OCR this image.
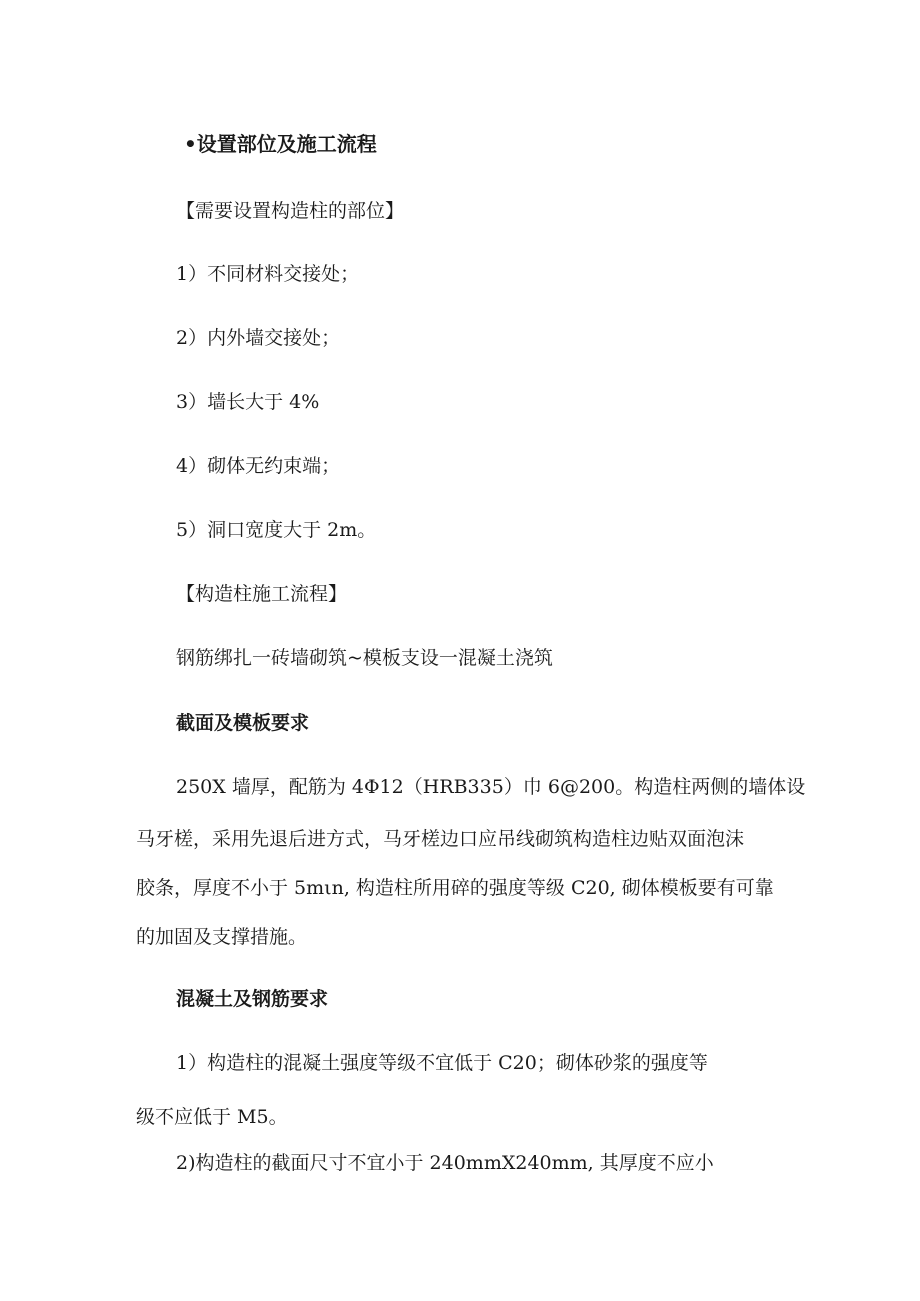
•设置部位及施工流程
【需要设置构造柱的部位】
1）不同材料交接处；
2）内外墙交接处；
3）墙长大于 4%
4）砌体无约束端；
5）洞口宽度大于 2m。
【构造柱施工流程】
钢筋绑扎一砖墙砌筑~模板支设一混凝土浇筑
截面及模板要求
250X 墙厚，配筋为 4Φ12（HRB335）巾 6@200。构造柱两侧的墙体设
马牙槎，采用先退后进方式，马牙槎边口应吊线砌筑构造柱边贴双面泡沫
胶条，厚度不小于 5mιn, 构造柱所用碎的强度等级 C20, 砌体模板要有可靠
的加固及支撑措施。
混凝土及钢筋要求
1）构造柱的混凝土强度等级不宜低于 C20；砌体砂浆的强度等
级不应低于 M5。
2)构造柱的截面尺寸不宜小于 240mmX240mm, 其厚度不应小
